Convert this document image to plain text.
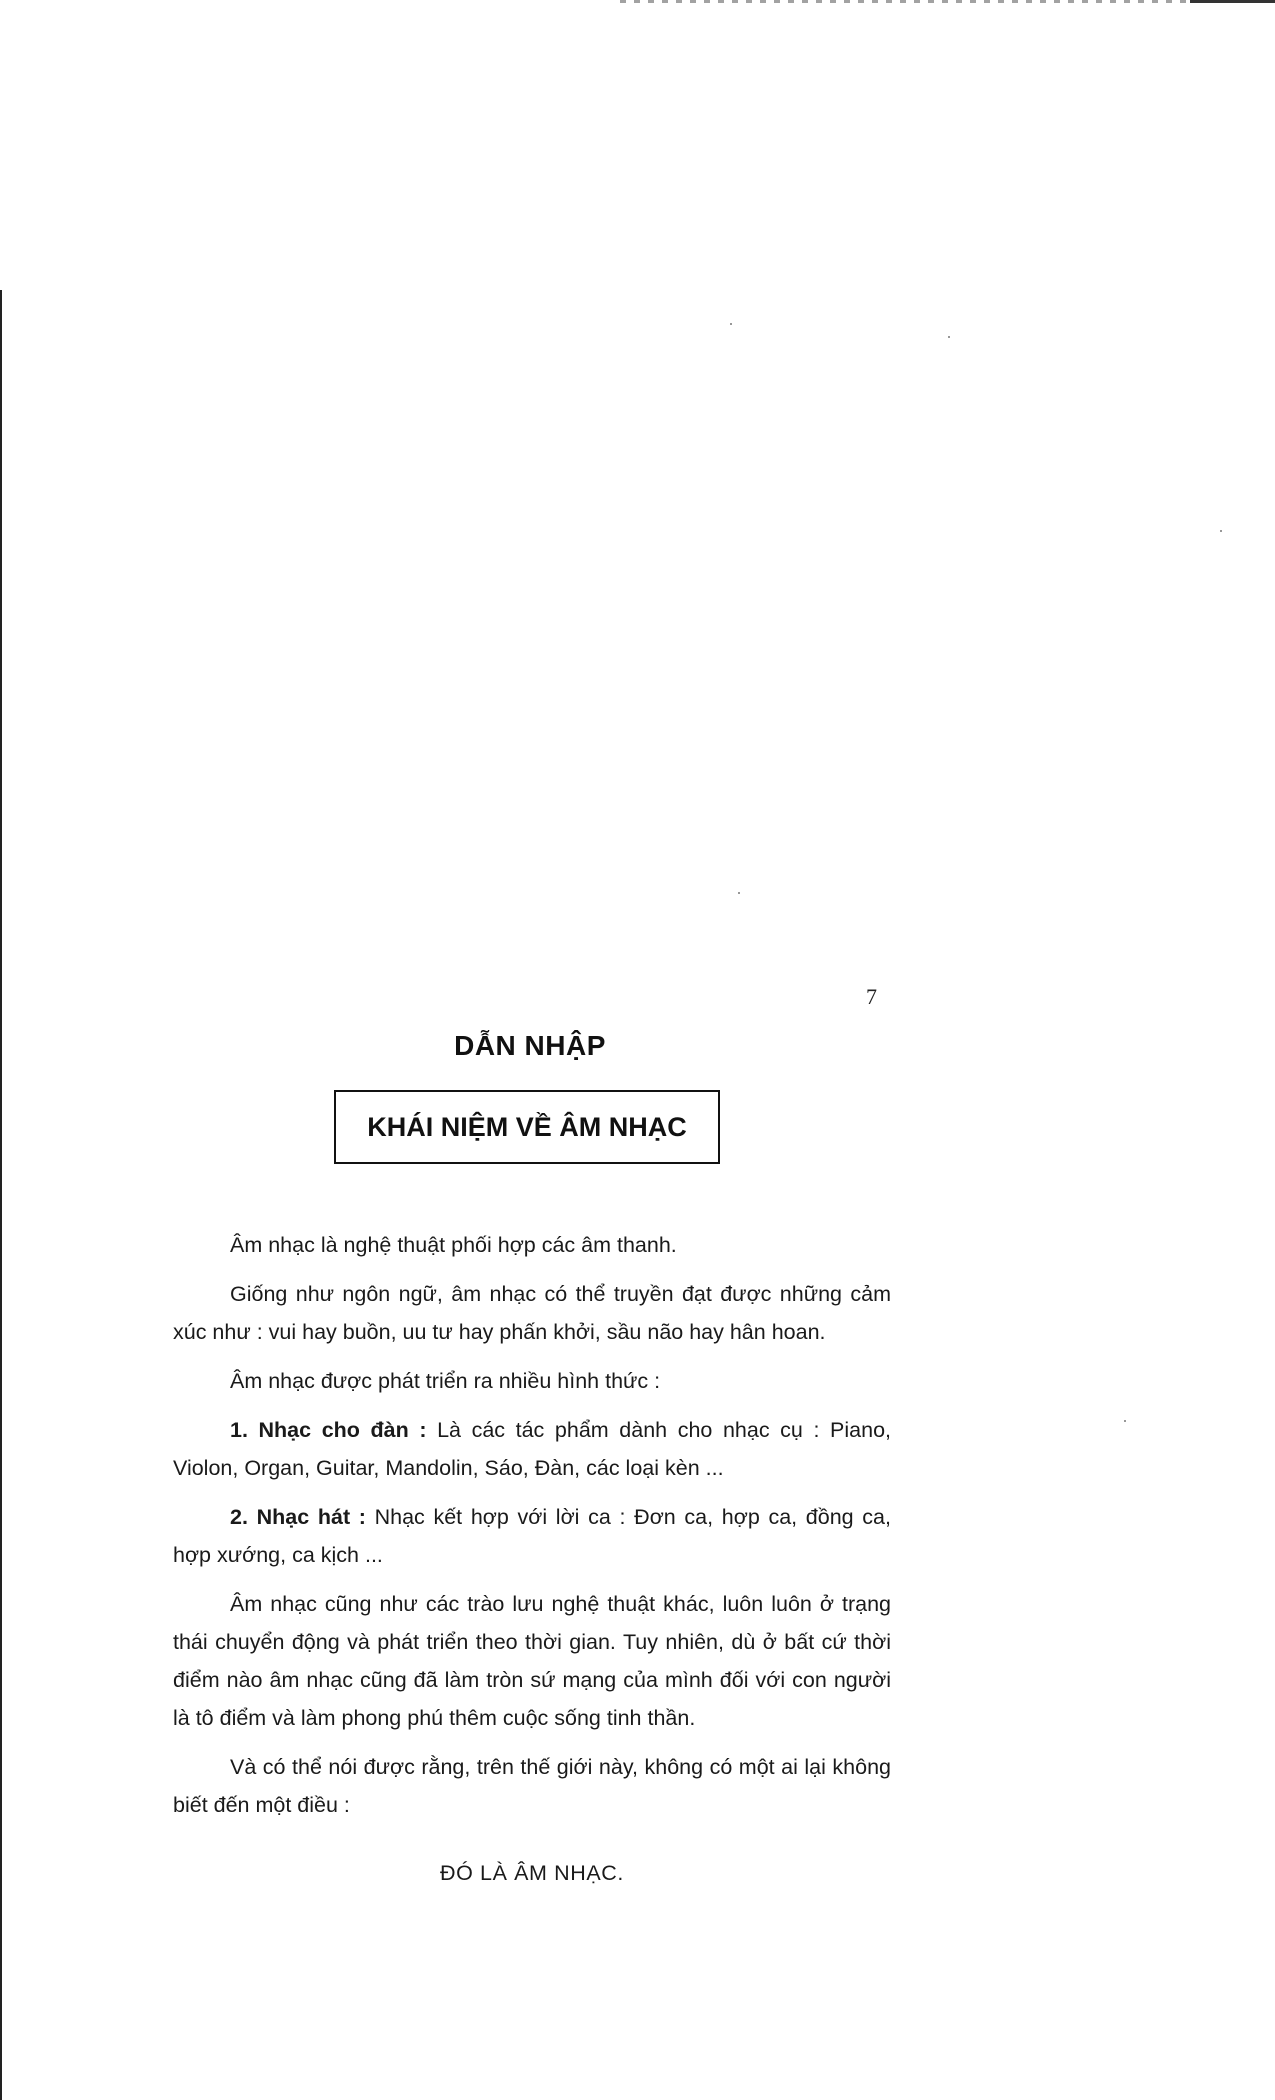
7
DẪN NHẬP
KHÁI NIỆM VỀ ÂM NHẠC

Âm nhạc là nghệ thuật phối hợp các âm thanh.

Giống như ngôn ngữ, âm nhạc có thể truyền đạt được những cảm xúc như : vui hay buồn, uu tư hay phấn khởi, sầu não hay hân hoan.

Âm nhạc được phát triển ra nhiều hình thức :

1. Nhạc cho đàn : Là các tác phẩm dành cho nhạc cụ : Piano, Violon, Organ, Guitar, Mandolin, Sáo, Đàn, các loại kèn ...

2. Nhạc hát : Nhạc kết hợp với lời ca : Đơn ca, hợp ca, đồng ca, hợp xướng, ca kịch ...

Âm nhạc cũng như các trào lưu nghệ thuật khác, luôn luôn ở trạng thái chuyển động và phát triển theo thời gian. Tuy nhiên, dù ở bất cứ thời điểm nào âm nhạc cũng đã làm tròn sứ mạng của mình đối với con người là tô điểm và làm phong phú thêm cuộc sống tinh thần.

Và có thể nói được rằng, trên thế giới này, không có một ai lại không biết đến một điều :

ĐÓ LÀ ÂM NHẠC.
